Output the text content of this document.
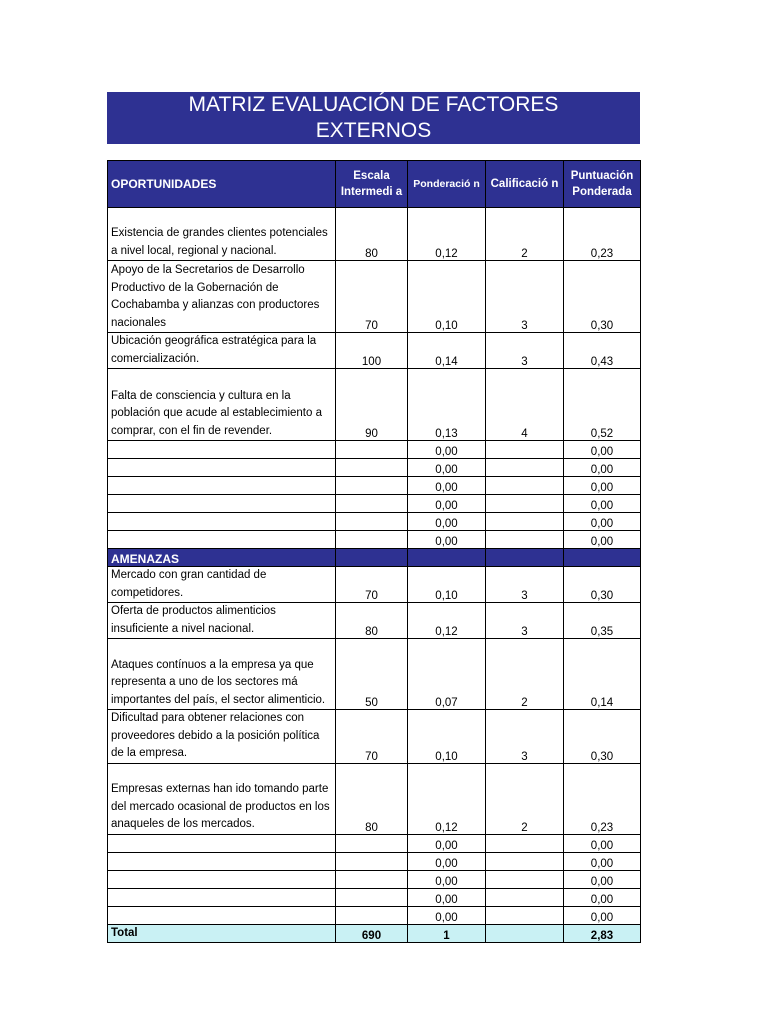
MATRIZ EVALUACIÓN DE FACTORES
EXTERNOS
OPORTUNIDADES	Escala Intermedi a	Ponderació n	Calificació n	Puntuación Ponderada
Existencia de grandes clientes potenciales a nivel local, regional y nacional.	80	0,12	2	0,23
Apoyo de la Secretarios de Desarrollo Productivo de la Gobernación de Cochabamba y alianzas con productores nacionales	70	0,10	3	0,30
Ubicación geográfica estratégica para la comercialización.	100	0,14	3	0,43
Falta de consciencia y cultura en la población que acude al establecimiento a comprar, con el fin de revender.	90	0,13	4	0,52
		0,00		0,00
		0,00		0,00
		0,00		0,00
		0,00		0,00
		0,00		0,00
		0,00		0,00
AMENAZAS				
Mercado con gran cantidad de competidores.	70	0,10	3	0,30
Oferta de productos alimenticios insuficiente a nivel nacional.	80	0,12	3	0,35
Ataques contínuos a la empresa ya que representa a uno de los sectores má importantes del país, el sector alimenticio.	50	0,07	2	0,14
Dificultad para obtener relaciones con proveedores debido a la posición política de la empresa.	70	0,10	3	0,30
Empresas externas han ido tomando parte del mercado ocasional de productos en los anaqueles de los mercados.	80	0,12	2	0,23
		0,00		0,00
		0,00		0,00
		0,00		0,00
		0,00		0,00
		0,00		0,00
Total	690	1		2,83
